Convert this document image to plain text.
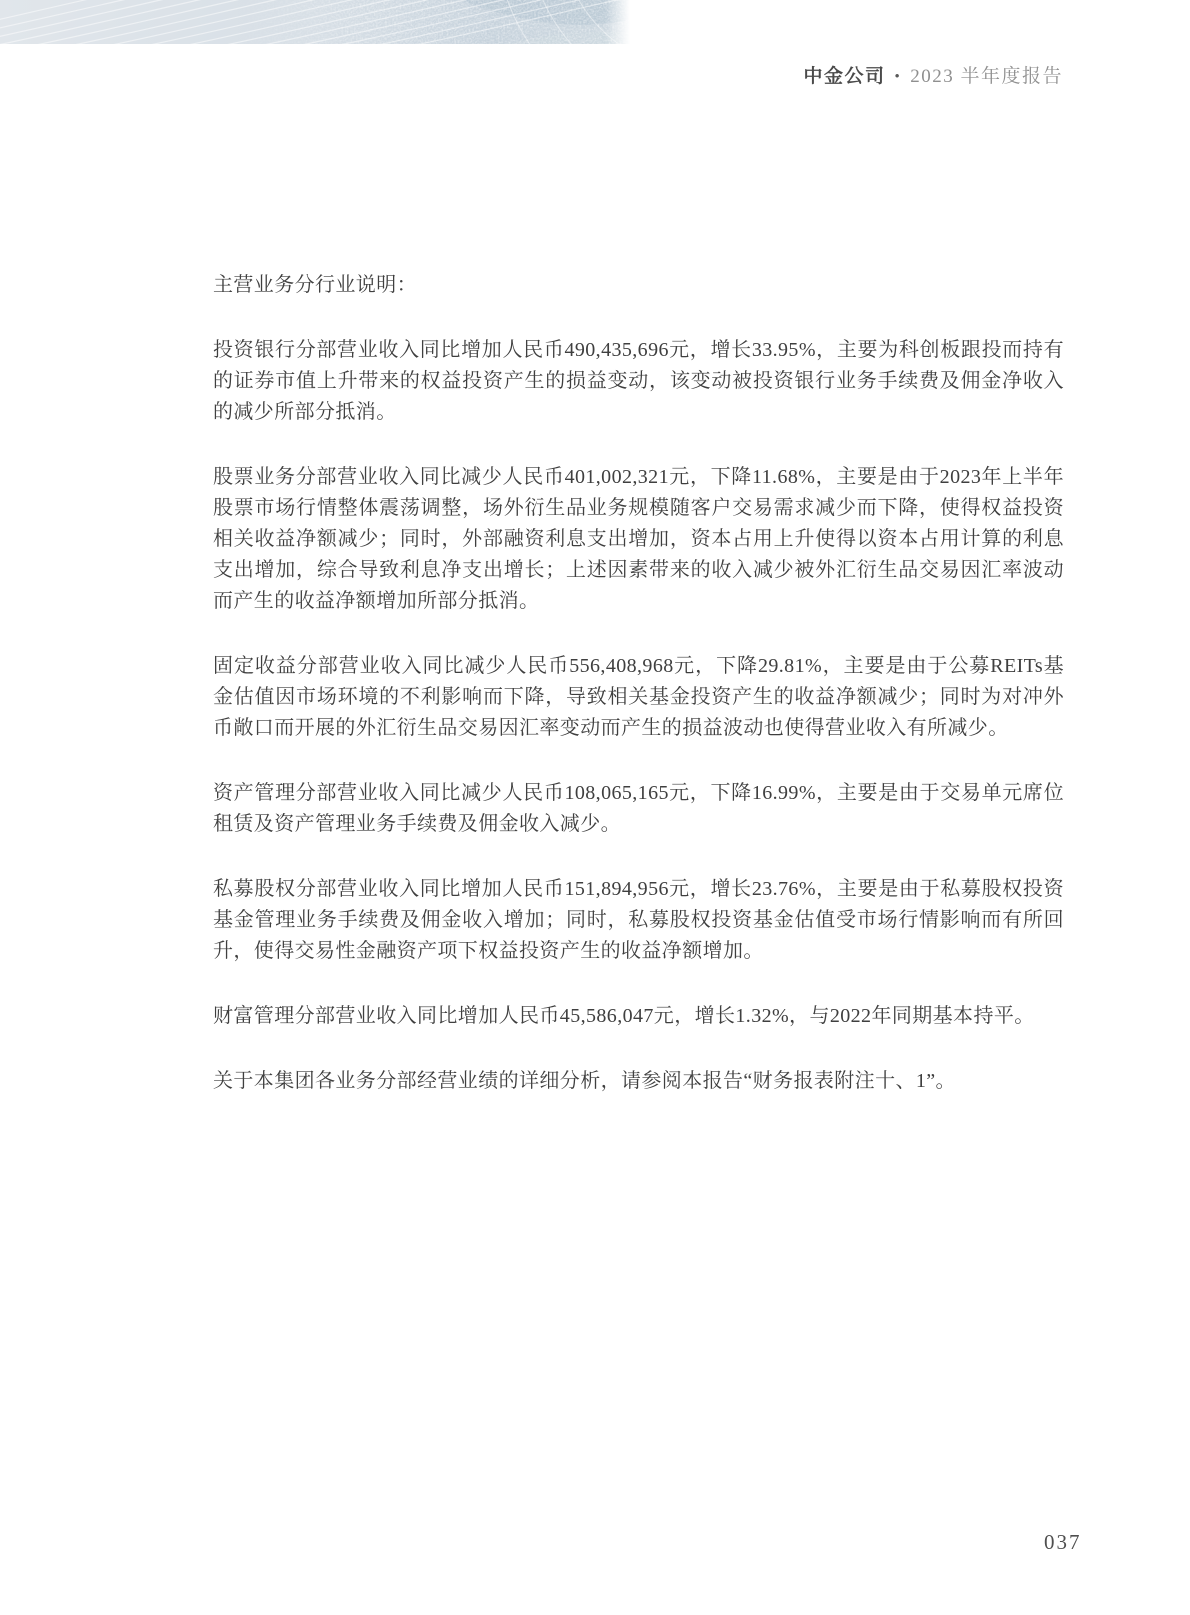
中金公司 • 2023 半年度报告

主营业务分行业说明：

投资银行分部营业收入同比增加人民币490,435,696元，增长33.95%，主要为科创板跟投而持有的证券市值上升带来的权益投资产生的损益变动，该变动被投资银行业务手续费及佣金净收入的减少所部分抵消。

股票业务分部营业收入同比减少人民币401,002,321元，下降11.68%，主要是由于2023年上半年股票市场行情整体震荡调整，场外衍生品业务规模随客户交易需求减少而下降，使得权益投资相关收益净额减少；同时，外部融资利息支出增加，资本占用上升使得以资本占用计算的利息支出增加，综合导致利息净支出增长；上述因素带来的收入减少被外汇衍生品交易因汇率波动而产生的收益净额增加所部分抵消。

固定收益分部营业收入同比减少人民币556,408,968元，下降29.81%，主要是由于公募REITs基金估值因市场环境的不利影响而下降，导致相关基金投资产生的收益净额减少；同时为对冲外币敞口而开展的外汇衍生品交易因汇率变动而产生的损益波动也使得营业收入有所减少。

资产管理分部营业收入同比减少人民币108,065,165元，下降16.99%，主要是由于交易单元席位租赁及资产管理业务手续费及佣金收入减少。

私募股权分部营业收入同比增加人民币151,894,956元，增长23.76%，主要是由于私募股权投资基金管理业务手续费及佣金收入增加；同时，私募股权投资基金估值受市场行情影响而有所回升，使得交易性金融资产项下权益投资产生的收益净额增加。

财富管理分部营业收入同比增加人民币45,586,047元，增长1.32%，与2022年同期基本持平。

关于本集团各业务分部经营业绩的详细分析，请参阅本报告“财务报表附注十、1”。

037
